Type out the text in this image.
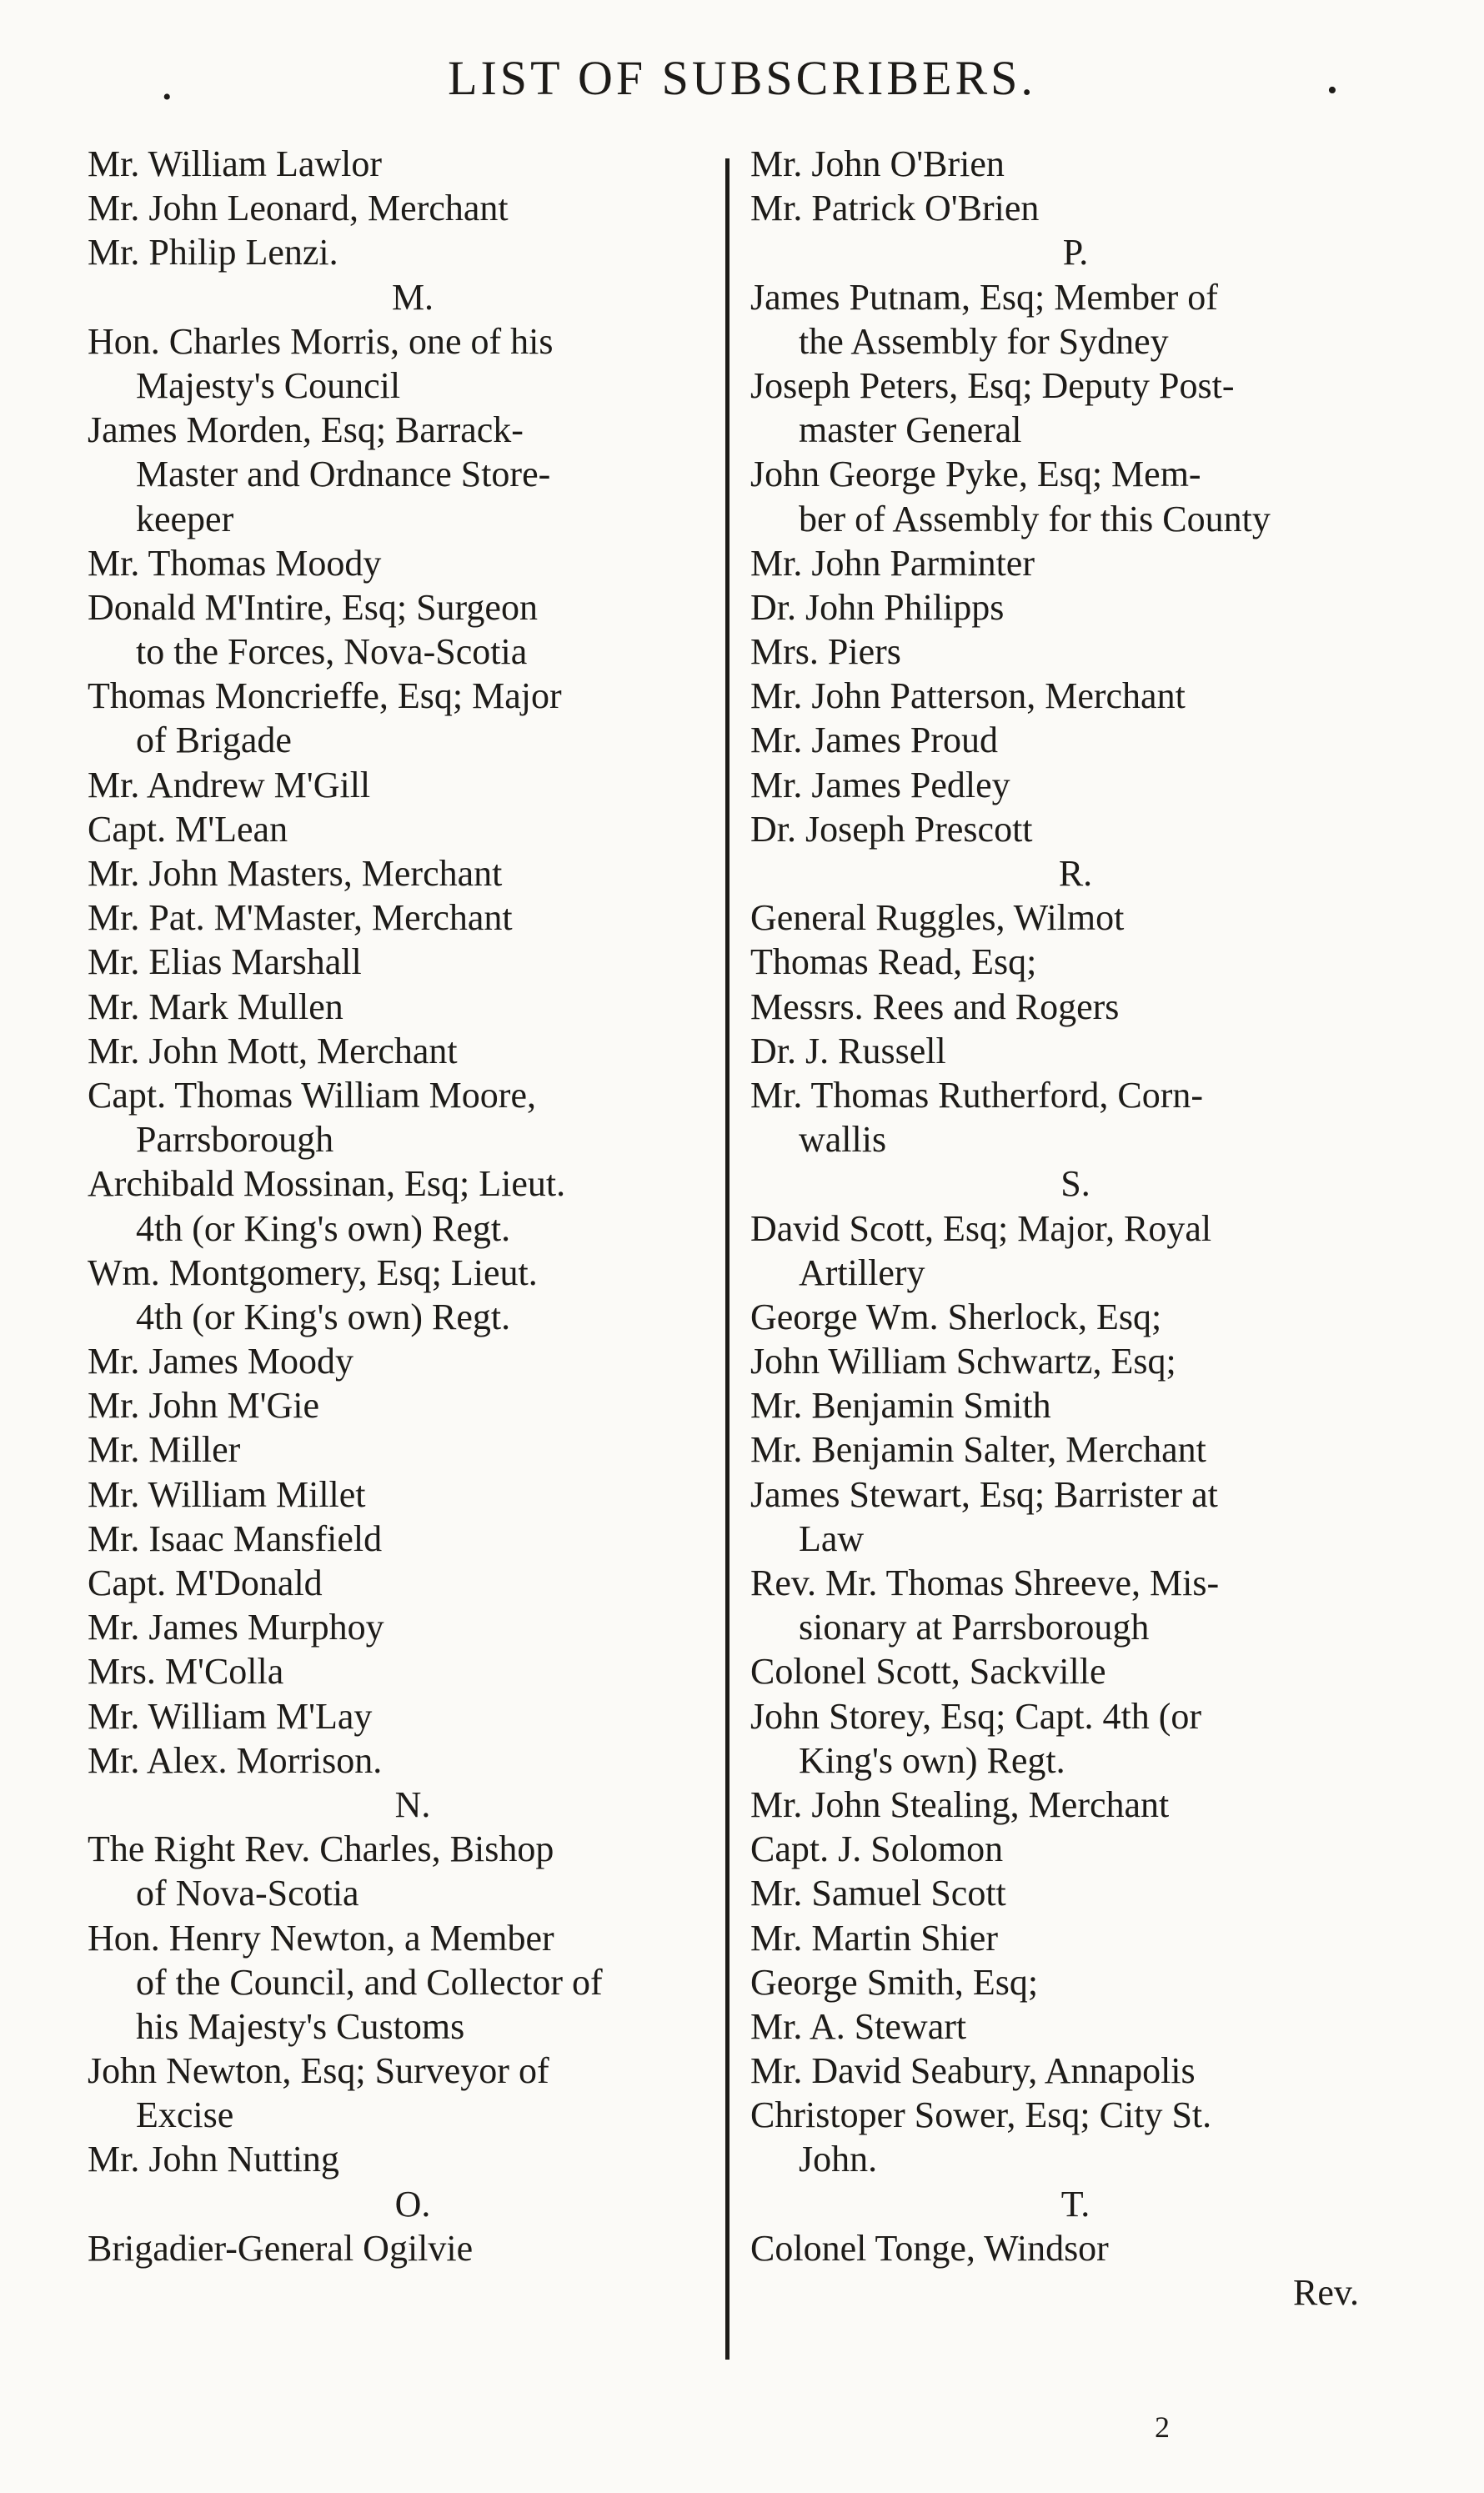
•	LIST OF SUBSCRIBERS.	•
Mr. William Lawlor
Mr. John Leonard, Merchant
Mr. Philip Lenzi.
M.
Hon. Charles Morris, one of his
Majesty's Council
James Morden, Esq; Barrack-
Master and Ordnance Store-
keeper
Mr. Thomas Moody
Donald M'Intire, Esq; Surgeon
to the Forces, Nova-Scotia
Thomas Moncrieffe, Esq; Major
of Brigade
Mr. Andrew M'Gill
Capt. M'Lean
Mr. John Masters, Merchant
Mr. Pat. M'Master, Merchant
Mr. Elias Marshall
Mr. Mark Mullen
Mr. John Mott, Merchant
Capt. Thomas William Moore,
Parrsborough
Archibald Mossinan, Esq; Lieut.
4th (or King's own) Regt.
Wm. Montgomery, Esq; Lieut.
4th (or King's own) Regt.
Mr. James Moody
Mr. John M'Gie
Mr. Miller
Mr. William Millet
Mr. Isaac Mansfield
Capt. M'Donald
Mr. James Murphoy
Mrs. M'Colla
Mr. William M'Lay
Mr. Alex. Morrison.
N.
The Right Rev. Charles, Bishop
of Nova-Scotia
Hon. Henry Newton, a Member
of the Council, and Collector of
his Majesty's Customs
John Newton, Esq; Surveyor of
Excise
Mr. John Nutting
O.
Brigadier-General Ogilvie
Mr. John O'Brien
Mr. Patrick O'Brien
P.
James Putnam, Esq; Member of
the Assembly for Sydney
Joseph Peters, Esq; Deputy Post-
master General
John George Pyke, Esq; Mem-
ber of Assembly for this County
Mr. John Parminter
Dr. John Philipps
Mrs. Piers
Mr. John Patterson, Merchant
Mr. James Proud
Mr. James Pedley
Dr. Joseph Prescott
R.
General Ruggles, Wilmot
Thomas Read, Esq;
Messrs. Rees and Rogers
Dr. J. Russell
Mr. Thomas Rutherford, Corn-
wallis
S.
David Scott, Esq; Major, Royal
Artillery
George Wm. Sherlock, Esq;
John William Schwartz, Esq;
Mr. Benjamin Smith
Mr. Benjamin Salter, Merchant
James Stewart, Esq; Barrister at
Law
Rev. Mr. Thomas Shreeve, Mis-
sionary at Parrsborough
Colonel Scott, Sackville
John Storey, Esq; Capt. 4th (or
King's own) Regt.
Mr. John Stealing, Merchant
Capt. J. Solomon
Mr. Samuel Scott
Mr. Martin Shier
George Smith, Esq;
Mr. A. Stewart
Mr. David Seabury, Annapolis
Christoper Sower, Esq; City St.
John.
T.
Colonel Tonge, Windsor
Rev.
2
